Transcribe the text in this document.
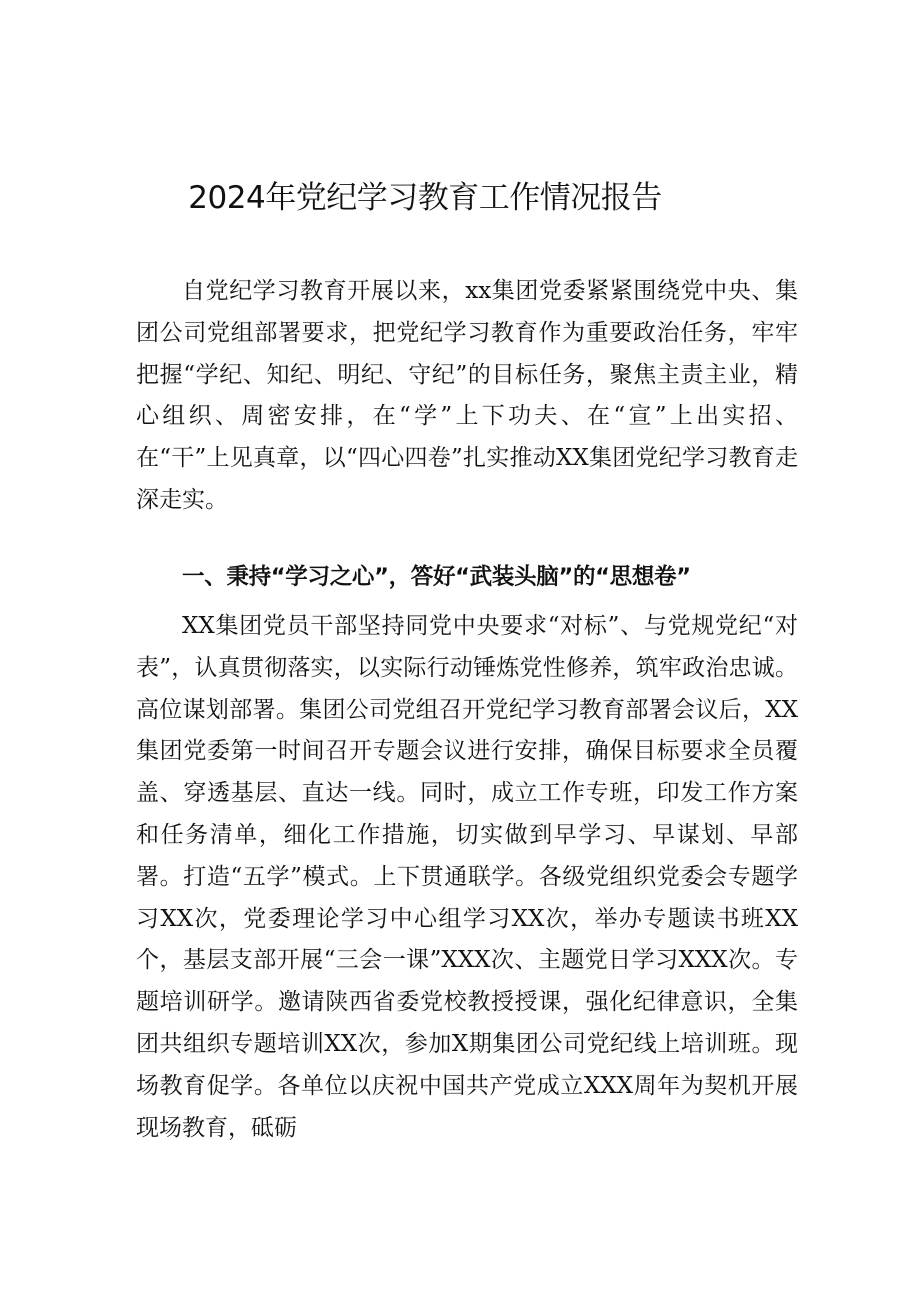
2024年党纪学习教育工作情况报告

自党纪学习教育开展以来，xx集团党委紧紧围绕党中央、集团公司党组部署要求，把党纪学习教育作为重要政治任务，牢牢把握“学纪、知纪、明纪、守纪”的目标任务，聚焦主责主业，精心组织、周密安排，在“学”上下功夫、在“宣”上出实招、在“干”上见真章，以“四心四卷”扎实推动XX集团党纪学习教育走深走实。

一、秉持“学习之心”，答好“武装头脑”的“思想卷”

XX集团党员干部坚持同党中央要求“对标”、与党规党纪“对表”，认真贯彻落实，以实际行动锤炼党性修养，筑牢政治忠诚。高位谋划部署。集团公司党组召开党纪学习教育部署会议后，XX集团党委第一时间召开专题会议进行安排，确保目标要求全员覆盖、穿透基层、直达一线。同时，成立工作专班，印发工作方案和任务清单，细化工作措施，切实做到早学习、早谋划、早部署。打造“五学”模式。上下贯通联学。各级党组织党委会专题学习XX次，党委理论学习中心组学习XX次，举办专题读书班XX个，基层支部开展“三会一课”XXX次、主题党日学习XXX次。专题培训研学。邀请陕西省委党校教授授课，强化纪律意识，全集团共组织专题培训XX次，参加X期集团公司党纪线上培训班。现场教育促学。各单位以庆祝中国共产党成立XXX周年为契机开展现场教育，砥砺
